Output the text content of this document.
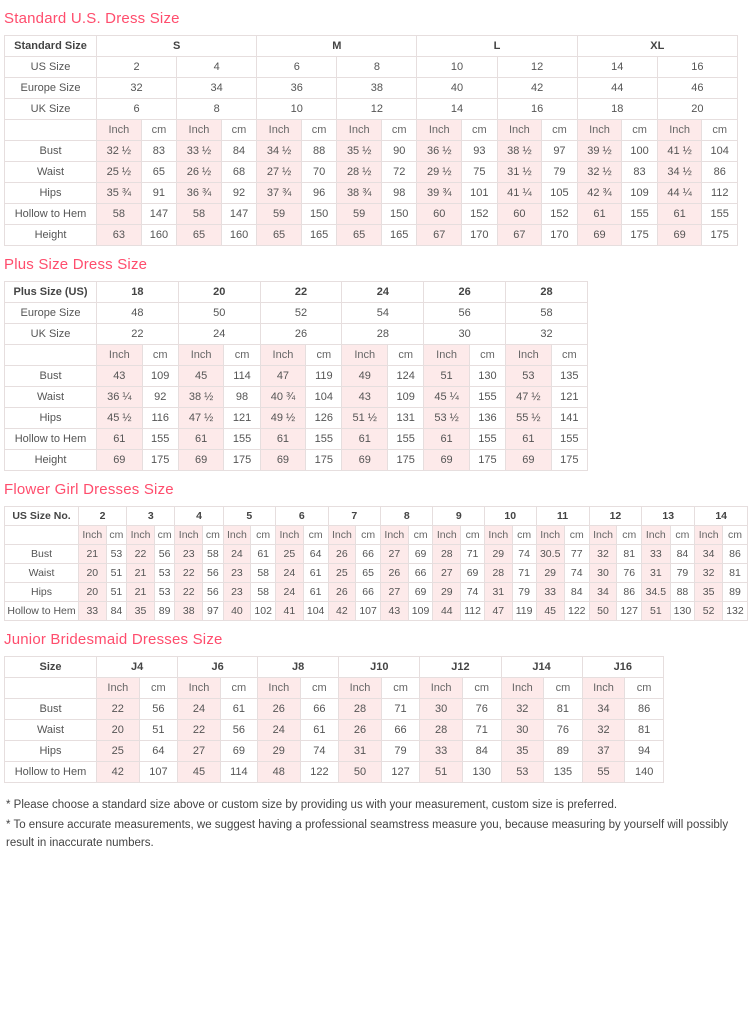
Standard U.S. Dress Size
Standard Size	S				M				L				XL			
US Size	2		4		6		8		10		12		14		16	
Europe Size	32		34		36		38		40		42		44		46	
UK Size	6		8		10		12		14		16		18		20	
	Inch	cm	Inch	cm	Inch	cm	Inch	cm	Inch	cm	Inch	cm	Inch	cm	Inch	cm
Bust	32 ½	83	33 ½	84	34 ½	88	35 ½	90	36 ½	93	38 ½	97	39 ½	100	41 ½	104
Waist	25 ½	65	26 ½	68	27 ½	70	28 ½	72	29 ½	75	31 ½	79	32 ½	83	34 ½	86
Hips	35 ¾	91	36 ¾	92	37 ¾	96	38 ¾	98	39 ¾	101	41 ¼	105	42 ¾	109	44 ¼	112
Hollow to Hem	58	147	58	147	59	150	59	150	60	152	60	152	61	155	61	155
Height	63	160	65	160	65	165	65	165	67	170	67	170	69	175	69	175
Plus Size Dress Size
Plus Size (US)	18		20		22		24		26		28	
Europe Size	48		50		52		54		56		58	
UK Size	22		24		26		28		30		32	
	Inch	cm	Inch	cm	Inch	cm	Inch	cm	Inch	cm	Inch	cm
Bust	43	109	45	114	47	119	49	124	51	130	53	135
Waist	36 ¼	92	38 ½	98	40 ¾	104	43	109	45 ¼	155	47 ½	121
Hips	45 ½	116	47 ½	121	49 ½	126	51 ½	131	53 ½	136	55 ½	141
Hollow to Hem	61	155	61	155	61	155	61	155	61	155	61	155
Height	69	175	69	175	69	175	69	175	69	175	69	175
Flower Girl Dresses Size
US Size No.	2		3		4		5		6		7		8		9		10		11		12		13		14	
	Inch	cm	Inch	cm	Inch	cm	Inch	cm	Inch	cm	Inch	cm	Inch	cm	Inch	cm	Inch	cm	Inch	cm	Inch	cm	Inch	cm	Inch	cm
Bust	21	53	22	56	23	58	24	61	25	64	26	66	27	69	28	71	29	74	30.5	77	32	81	33	84	34	86
Waist	20	51	21	53	22	56	23	58	24	61	25	65	26	66	27	69	28	71	29	74	30	76	31	79	32	81
Hips	20	51	21	53	22	56	23	58	24	61	26	66	27	69	29	74	31	79	33	84	34	86	34.5	88	35	89
Hollow to Hem	33	84	35	89	38	97	40	102	41	104	42	107	43	109	44	112	47	119	45	122	50	127	51	130	52	132
Junior Bridesmaid Dresses Size
Size	J4		J6		J8		J10		J12		J14		J16	
	Inch	cm	Inch	cm	Inch	cm	Inch	cm	Inch	cm	Inch	cm	Inch	cm
Bust	22	56	24	61	26	66	28	71	30	76	32	81	34	86
Waist	20	51	22	56	24	61	26	66	28	71	30	76	32	81
Hips	25	64	27	69	29	74	31	79	33	84	35	89	37	94
Hollow to Hem	42	107	45	114	48	122	50	127	51	130	53	135	55	140

* Please choose a standard size above or custom size by providing us with your measurement, custom size is preferred.

* To ensure accurate measurements, we suggest having a professional seamstress measure you, because measuring by yourself will possibly result in inaccurate numbers.
